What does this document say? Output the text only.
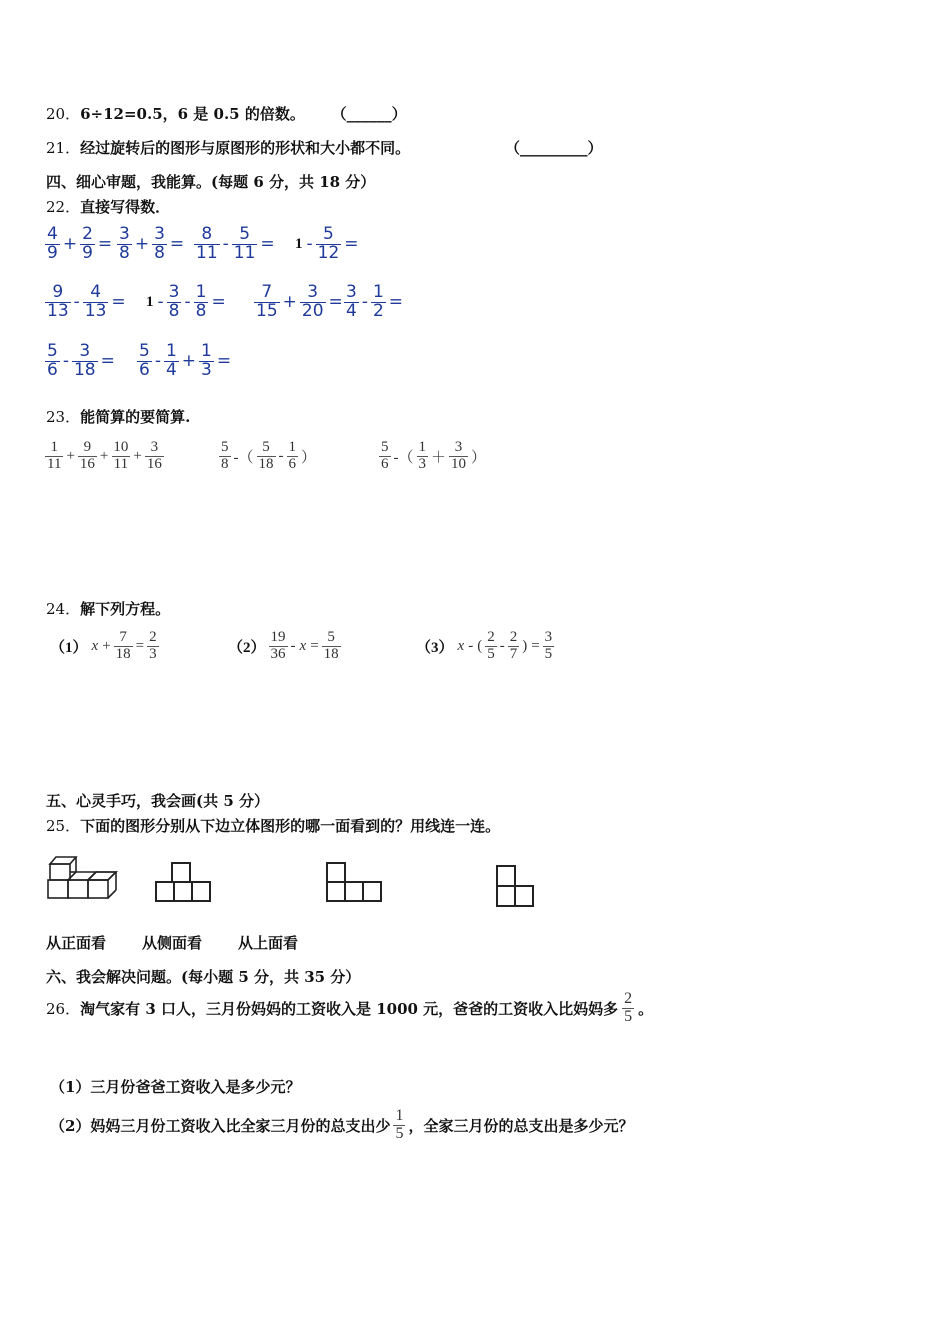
20．6÷12=0.5，6 是 0.5 的倍数。 （______）
21．经过旋转后的图形与原图形的形状和大小都不同。	（_________）
四、细心审题，我能算。(每题 6 分，共 18 分）
22．直接写得数．
$\frac{4}{9} + \frac{2}{9} = \frac{3}{8} + \frac{3}{8} = \frac{8}{11} - \frac{5}{11} = 1 - \frac{5}{12}$ =
$\frac{9}{13} - \frac{4}{13} = 1 - \frac{3}{8} - \frac{1}{8} = \frac{7}{15} + \frac{3}{20} = \frac{3}{4} - \frac{1}{2}$ =
$\frac{5}{6} - \frac{3}{18} = \frac{5}{6} - \frac{1}{4} + \frac{1}{3}$ =
23．能简算的要简算.
$\frac{1}{11} + \frac{9}{16} + \frac{10}{11} + \frac{3}{16}$	$\frac{5}{8}$ -（ $\frac{5}{18} - \frac{1}{6}$ ）	$\frac{5}{6}$ -（ $\frac{1}{3} + \frac{3}{10}$ ）
24．解下列方程。
（1） $x + \frac{7}{18} = \frac{2}{3}$	$(2) \frac{19}{36} - x = \frac{5}{18}$	（3） x - ( $\frac{2}{5} - \frac{2}{7}$ ) = $\frac{3}{5}$
五、心灵手巧，我会画(共 5 分）
25．下面的图形分别从下边立体图形的哪一面看到的？用线连一连。
从正面看 从侧面看 从上面看
六、我会解决问题。(每小题 5 分，共 35 分）
26． 淘气家有 3 口人，三月份妈妈的工资收入是 1000 元，爸爸的工资收入比妈妈多 $\frac{2}{5}$ 。
（1）三月份爸爸工资收入是多少元？
（2）妈妈三月份工资收入比全家三月份的总支出少 $\frac{1}{5}$ ，全家三月份的总支出是多少元？
